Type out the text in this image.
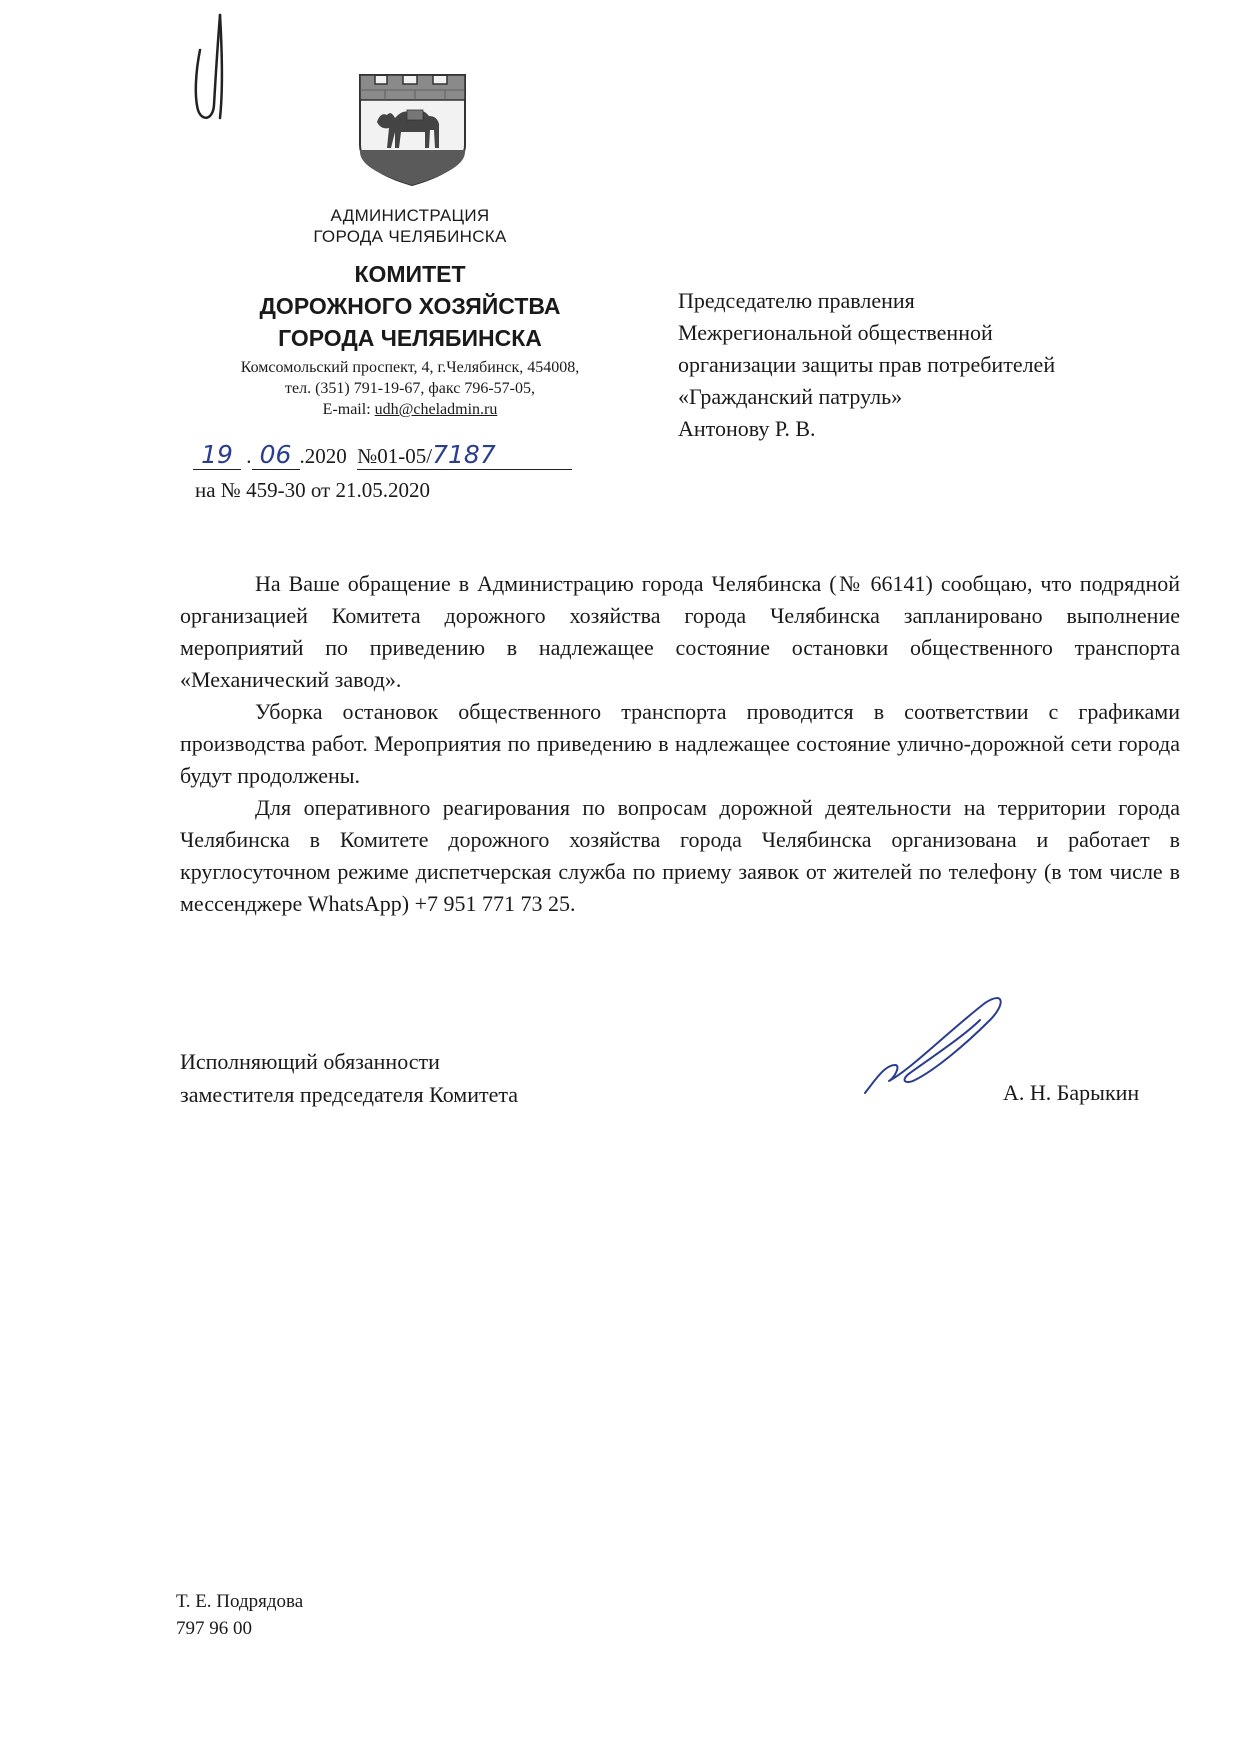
АДМИНИСТРАЦИЯ
ГОРОДА ЧЕЛЯБИНСКА
КОМИТЕТ
ДОРОЖНОГО ХОЗЯЙСТВА
ГОРОДА ЧЕЛЯБИНСКА
Комсомольский проспект, 4, г.Челябинск, 454008,
тел. (351) 791-19-67, факс 796-57-05,
E-mail: udh@cheladmin.ru
19 . 06 .2020 №01-05/7187
на № 459-30 от 21.05.2020
Председателю правления
Межрегиональной общественной
организации защиты прав потребителей
«Гражданский патруль»
Антонову Р. В.

На Ваше обращение в Администрацию города Челябинска (№ 66141) сообщаю, что подрядной организацией Комитета дорожного хозяйства города Челябинска запланировано выполнение мероприятий по приведению в надлежащее состояние остановки общественного транспорта «Механический завод».

Уборка остановок общественного транспорта проводится в соответствии с графиками производства работ. Мероприятия по приведению в надлежащее состояние улично-дорожной сети города будут продолжены.

Для оперативного реагирования по вопросам дорожной деятельности на территории города Челябинска в Комитете дорожного хозяйства города Челябинска организована и работает в круглосуточном режиме диспетчерская служба по приему заявок от жителей по телефону (в том числе в мессенджере WhatsApp) +7 951 771 73 25.

Исполняющий обязанности
заместителя председателя Комитета	А. Н. Барыкин
Т. Е. Подрядова
797 96 00
